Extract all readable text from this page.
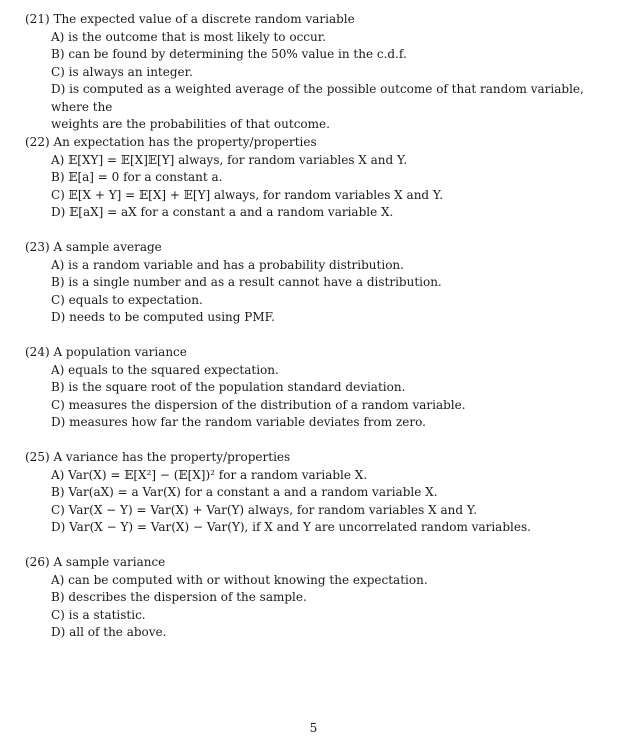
(21) The expected value of a discrete random variable
A) is the outcome that is most likely to occur.
B) can be found by determining the 50% value in the c.d.f.
C) is always an integer.
D) is computed as a weighted average of the possible outcome of that random variable, where the
weights are the probabilities of that outcome.
(22) An expectation has the property/properties
A) 𝔼[XY] = 𝔼[X]𝔼[Y] always, for random variables X and Y.
B) 𝔼[a] = 0 for a constant a.
C) 𝔼[X + Y] = 𝔼[X] + 𝔼[Y] always, for random variables X and Y.
D) 𝔼[aX] = aX for a constant a and a random variable X.
(23) A sample average
A) is a random variable and has a probability distribution.
B) is a single number and as a result cannot have a distribution.
C) equals to expectation.
D) needs to be computed using PMF.
(24) A population variance
A) equals to the squared expectation.
B) is the square root of the population standard deviation.
C) measures the dispersion of the distribution of a random variable.
D) measures how far the random variable deviates from zero.
(25) A variance has the property/properties
A) Var(X) = 𝔼[X²] − (𝔼[X])² for a random variable X.
B) Var(aX) = a Var(X) for a constant a and a random variable X.
C) Var(X − Y) = Var(X) + Var(Y) always, for random variables X and Y.
D) Var(X − Y) = Var(X) − Var(Y), if X and Y are uncorrelated random variables.
(26) A sample variance
A) can be computed with or without knowing the expectation.
B) describes the dispersion of the sample.
C) is a statistic.
D) all of the above.
5
